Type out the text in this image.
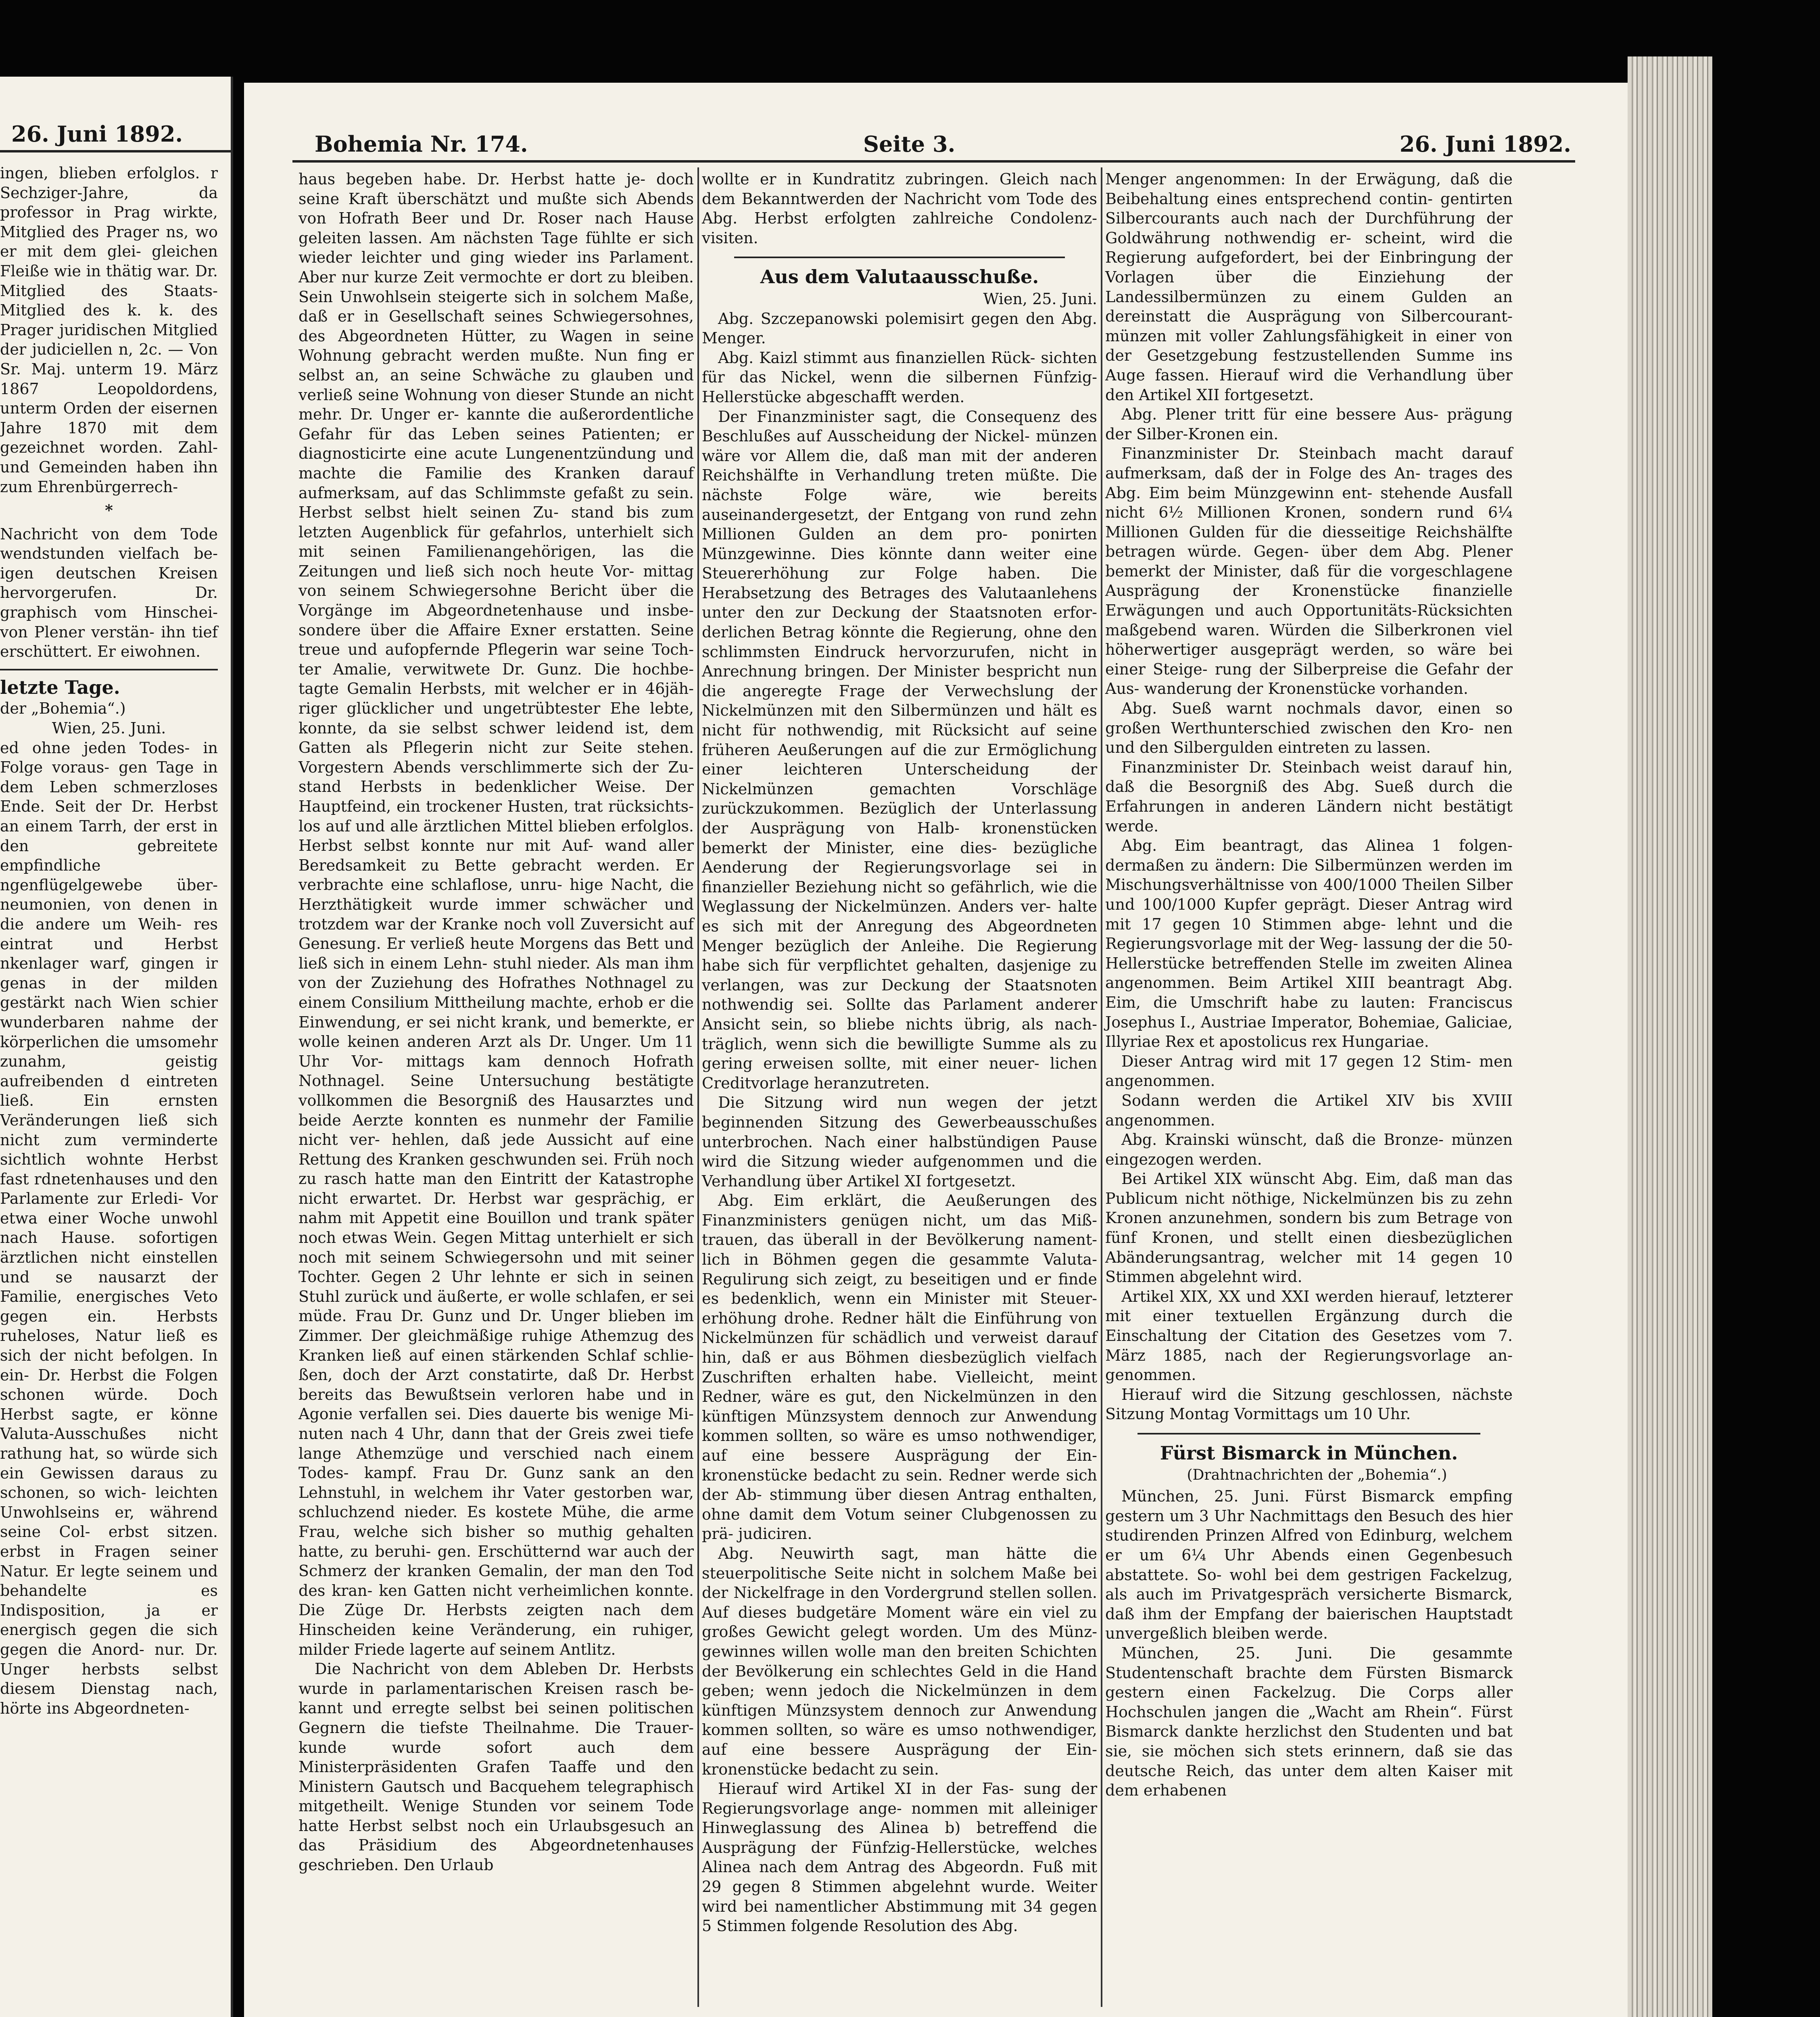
26. Juni 1892.

ingen, blieben erfolglos. r Sechziger-Jahre, da professor in Prag wirkte, Mitglied des Prager ns, wo er mit dem glei- gleichen Fleiße wie in thätig war. Dr. Mitglied des Staats- Mitglied des k. k. des Prager juridischen Mitglied der judiciellen n, 2c. — Von Sr. Maj. unterm 19. März 1867 Leopoldordens, unterm Orden der eisernen Jahre 1870 mit dem gezeichnet worden. Zahl- und Gemeinden haben ihn zum Ehrenbürgerrech-

*

Nachricht von dem Tode wendstunden vielfach be- igen deutschen Kreisen hervorgerufen. Dr. graphisch vom Hinschei- von Plener verstän- ihn tief erschüttert. Er eiwohnen.

letzte Tage.

der „Bohemia“.)

Wien, 25. Juni.

ed ohne jeden Todes- in Folge voraus- gen Tage in dem Leben schmerzloses Ende. Seit der Dr. Herbst an einem Tarrh, der erst in den gebreitete empfindliche ngenflügelgewebe über- neumonien, von denen in die andere um Weih- res eintrat und Herbst nkenlager warf, gingen ir genas in der milden gestärkt nach Wien schier wunderbaren nahme der körperlichen die umsomehr zunahm, geistig aufreibenden d eintreten ließ. Ein ernsten Veränderungen ließ sich nicht zum verminderte sichtlich wohnte Herbst fast rdnetenhauses und den Parlamente zur Erledi- Vor etwa einer Woche unwohl nach Hause. sofortigen ärztlichen nicht einstellen und se nausarzt der Familie, energisches Veto gegen ein. Herbsts ruheloses, Natur ließ es sich der nicht befolgen. In ein- Dr. Herbst die Folgen schonen würde. Doch Herbst sagte, er könne Valuta-Ausschußes nicht rathung hat, so würde sich ein Gewissen daraus zu schonen, so wich- leichten Unwohlseins er, während seine Col- erbst sitzen. erbst in Fragen seiner Natur. Er legte seinem und behandelte es Indisposition, ja er energisch gegen die sich gegen die Anord- nur. Dr. Unger herbsts selbst diesem Dienstag nach, hörte ins Abgeordneten-

Bohemia Nr. 174.	Seite 3.	26. Juni 1892.

haus begeben habe. Dr. Herbst hatte je- doch seine Kraft überschätzt und mußte sich Abends von Hofrath Beer und Dr. Roser nach Hause geleiten lassen. Am nächsten Tage fühlte er sich wieder leichter und ging wieder ins Parlament. Aber nur kurze Zeit vermochte er dort zu bleiben. Sein Unwohlsein steigerte sich in solchem Maße, daß er in Gesellschaft seines Schwiegersohnes, des Abgeordneten Hütter, zu Wagen in seine Wohnung gebracht werden mußte. Nun fing er selbst an, an seine Schwäche zu glauben und verließ seine Wohnung von dieser Stunde an nicht mehr. Dr. Unger er- kannte die außerordentliche Gefahr für das Leben seines Patienten; er diagnosticirte eine acute Lungenentzündung und machte die Familie des Kranken darauf aufmerksam, auf das Schlimmste gefaßt zu sein. Herbst selbst hielt seinen Zu- stand bis zum letzten Augenblick für gefahrlos, unterhielt sich mit seinen Familienangehörigen, las die Zeitungen und ließ sich noch heute Vor- mittag von seinem Schwiegersohne Bericht über die Vorgänge im Abgeordnetenhause und insbe- sondere über die Affaire Exner erstatten. Seine treue und aufopfernde Pflegerin war seine Toch- ter Amalie, verwitwete Dr. Gunz. Die hochbe- tagte Gemalin Herbsts, mit welcher er in 46jäh- riger glücklicher und ungetrübtester Ehe lebte, konnte, da sie selbst schwer leidend ist, dem Gatten als Pflegerin nicht zur Seite stehen. Vorgestern Abends verschlimmerte sich der Zu- stand Herbsts in bedenklicher Weise. Der Hauptfeind, ein trockener Husten, trat rücksichts- los auf und alle ärztlichen Mittel blieben erfolglos. Herbst selbst konnte nur mit Auf- wand aller Beredsamkeit zu Bette gebracht werden. Er verbrachte eine schlaflose, unru- hige Nacht, die Herzthätigkeit wurde immer schwächer und trotzdem war der Kranke noch voll Zuversicht auf Genesung. Er verließ heute Morgens das Bett und ließ sich in einem Lehn- stuhl nieder. Als man ihm von der Zuziehung des Hofrathes Nothnagel zu einem Consilium Mittheilung machte, erhob er die Einwendung, er sei nicht krank, und bemerkte, er wolle keinen anderen Arzt als Dr. Unger. Um 11 Uhr Vor- mittags kam dennoch Hofrath Nothnagel. Seine Untersuchung bestätigte vollkommen die Besorgniß des Hausarztes und beide Aerzte konnten es nunmehr der Familie nicht ver- hehlen, daß jede Aussicht auf eine Rettung des Kranken geschwunden sei. Früh noch zu rasch hatte man den Eintritt der Katastrophe nicht erwartet. Dr. Herbst war gesprächig, er nahm mit Appetit eine Bouillon und trank später noch etwas Wein. Gegen Mittag unterhielt er sich noch mit seinem Schwiegersohn und mit seiner Tochter. Gegen 2 Uhr lehnte er sich in seinen Stuhl zurück und äußerte, er wolle schlafen, er sei müde. Frau Dr. Gunz und Dr. Unger blieben im Zimmer. Der gleichmäßige ruhige Athemzug des Kranken ließ auf einen stärkenden Schlaf schlie- ßen, doch der Arzt constatirte, daß Dr. Herbst bereits das Bewußtsein verloren habe und in Agonie verfallen sei. Dies dauerte bis wenige Mi- nuten nach 4 Uhr, dann that der Greis zwei tiefe lange Athemzüge und verschied nach einem Todes- kampf. Frau Dr. Gunz sank an den Lehnstuhl, in welchem ihr Vater gestorben war, schluchzend nieder. Es kostete Mühe, die arme Frau, welche sich bisher so muthig gehalten hatte, zu beruhi- gen. Erschütternd war auch der Schmerz der kranken Gemalin, der man den Tod des kran- ken Gatten nicht verheimlichen konnte. Die Züge Dr. Herbsts zeigten nach dem Hinscheiden keine Veränderung, ein ruhiger, milder Friede lagerte auf seinem Antlitz.

Die Nachricht von dem Ableben Dr. Herbsts wurde in parlamentarischen Kreisen rasch be- kannt und erregte selbst bei seinen politischen Gegnern die tiefste Theilnahme. Die Trauer- kunde wurde sofort auch dem Ministerpräsidenten Grafen Taaffe und den Ministern Gautsch und Bacquehem telegraphisch mitgetheilt. Wenige Stunden vor seinem Tode hatte Herbst selbst noch ein Urlaubsgesuch an das Präsidium des Abgeordnetenhauses geschrieben. Den Urlaub

wollte er in Kundratitz zubringen. Gleich nach dem Bekanntwerden der Nachricht vom Tode des Abg. Herbst erfolgten zahlreiche Condolenz- visiten.

Aus dem Valutaausschuße.

Wien, 25. Juni.

Abg. Szczepanowski polemisirt gegen den Abg. Menger.

Abg. Kaizl stimmt aus finanziellen Rück- sichten für das Nickel, wenn die silbernen Fünfzig- Hellerstücke abgeschafft werden.

Der Finanzminister sagt, die Consequenz des Beschlußes auf Ausscheidung der Nickel- münzen wäre vor Allem die, daß man mit der anderen Reichshälfte in Verhandlung treten müßte. Die nächste Folge wäre, wie bereits auseinandergesetzt, der Entgang von rund zehn Millionen Gulden an dem pro- ponirten Münzgewinne. Dies könnte dann weiter eine Steuererhöhung zur Folge haben. Die Herabsetzung des Betrages des Valutaanlehens unter den zur Deckung der Staatsnoten erfor- derlichen Betrag könnte die Regierung, ohne den schlimmsten Eindruck hervorzurufen, nicht in Anrechnung bringen. Der Minister bespricht nun die angeregte Frage der Verwechslung der Nickelmünzen mit den Silbermünzen und hält es nicht für nothwendig, mit Rücksicht auf seine früheren Aeußerungen auf die zur Ermöglichung einer leichteren Unterscheidung der Nickelmünzen gemachten Vorschläge zurückzukommen. Bezüglich der Unterlassung der Ausprägung von Halb- kronenstücken bemerkt der Minister, eine dies- bezügliche Aenderung der Regierungsvorlage sei in finanzieller Beziehung nicht so gefährlich, wie die Weglassung der Nickelmünzen. Anders ver- halte es sich mit der Anregung des Abgeordneten Menger bezüglich der Anleihe. Die Regierung habe sich für verpflichtet gehalten, dasjenige zu verlangen, was zur Deckung der Staatsnoten nothwendig sei. Sollte das Parlament anderer Ansicht sein, so bliebe nichts übrig, als nach- träglich, wenn sich die bewilligte Summe als zu gering erweisen sollte, mit einer neuer- lichen Creditvorlage heranzutreten.

Die Sitzung wird nun wegen der jetzt beginnenden Sitzung des Gewerbeausschußes unterbrochen. Nach einer halbstündigen Pause wird die Sitzung wieder aufgenommen und die Verhandlung über Artikel XI fortgesetzt.

Abg. Eim erklärt, die Aeußerungen des Finanzministers genügen nicht, um das Miß- trauen, das überall in der Bevölkerung nament- lich in Böhmen gegen die gesammte Valuta- Regulirung sich zeigt, zu beseitigen und er finde es bedenklich, wenn ein Minister mit Steuer- erhöhung drohe. Redner hält die Einführung von Nickelmünzen für schädlich und verweist darauf hin, daß er aus Böhmen diesbezüglich vielfach Zuschriften erhalten habe. Vielleicht, meint Redner, wäre es gut, den Nickelmünzen in den künftigen Münzsystem dennoch zur Anwendung kommen sollten, so wäre es umso nothwendiger, auf eine bessere Ausprägung der Ein- kronenstücke bedacht zu sein. Redner werde sich der Ab- stimmung über diesen Antrag enthalten, ohne damit dem Votum seiner Clubgenossen zu prä- judiciren.

Abg. Neuwirth sagt, man hätte die steuerpolitische Seite nicht in solchem Maße bei der Nickelfrage in den Vordergrund stellen sollen. Auf dieses budgetäre Moment wäre ein viel zu großes Gewicht gelegt worden. Um des Münz- gewinnes willen wolle man den breiten Schichten der Bevölkerung ein schlechtes Geld in die Hand geben; wenn jedoch die Nickelmünzen in dem künftigen Münzsystem dennoch zur Anwendung kommen sollten, so wäre es umso nothwendiger, auf eine bessere Ausprägung der Ein- kronenstücke bedacht zu sein.

Hierauf wird Artikel XI in der Fas- sung der Regierungsvorlage ange- nommen mit alleiniger Hinweglassung des Alinea b) betreffend die Ausprägung der Fünfzig-Hellerstücke, welches Alinea nach dem Antrag des Abgeordn. Fuß mit 29 gegen 8 Stimmen abgelehnt wurde. Weiter wird bei namentlicher Abstimmung mit 34 gegen 5 Stimmen folgende Resolution des Abg.

Menger angenommen: In der Erwägung, daß die Beibehaltung eines entsprechend contin- gentirten Silbercourants auch nach der Durchführung der Goldwährung nothwendig er- scheint, wird die Regierung aufgefordert, bei der Einbringung der Vorlagen über die Einziehung der Landessilbermünzen zu einem Gulden an dereinstatt die Ausprägung von Silbercourant- münzen mit voller Zahlungsfähigkeit in einer von der Gesetzgebung festzustellenden Summe ins Auge fassen. Hierauf wird die Verhandlung über den Artikel XII fortgesetzt.

Abg. Plener tritt für eine bessere Aus- prägung der Silber-Kronen ein.

Finanzminister Dr. Steinbach macht darauf aufmerksam, daß der in Folge des An- trages des Abg. Eim beim Münzgewinn ent- stehende Ausfall nicht 6½ Millionen Kronen, sondern rund 6¼ Millionen Gulden für die diesseitige Reichshälfte betragen würde. Gegen- über dem Abg. Plener bemerkt der Minister, daß für die vorgeschlagene Ausprägung der Kronenstücke finanzielle Erwägungen und auch Opportunitäts-Rücksichten maßgebend waren. Würden die Silberkronen viel höherwertiger ausgeprägt werden, so wäre bei einer Steige- rung der Silberpreise die Gefahr der Aus- wanderung der Kronenstücke vorhanden.

Abg. Sueß warnt nochmals davor, einen so großen Werthunterschied zwischen den Kro- nen und den Silbergulden eintreten zu lassen.

Finanzminister Dr. Steinbach weist darauf hin, daß die Besorgniß des Abg. Sueß durch die Erfahrungen in anderen Ländern nicht bestätigt werde.

Abg. Eim beantragt, das Alinea 1 folgen- dermaßen zu ändern: Die Silbermünzen werden im Mischungsverhältnisse von 400/1000 Theilen Silber und 100/1000 Kupfer geprägt. Dieser Antrag wird mit 17 gegen 10 Stimmen abge- lehnt und die Regierungsvorlage mit der Weg- lassung der die 50-Hellerstücke betreffenden Stelle im zweiten Alinea angenommen. Beim Artikel XIII beantragt Abg. Eim, die Umschrift habe zu lauten: Franciscus Josephus I., Austriae Imperator, Bohemiae, Galiciae, Illyriae Rex et apostolicus rex Hungariae.

Dieser Antrag wird mit 17 gegen 12 Stim- men angenommen.

Sodann werden die Artikel XIV bis XVIII angenommen.

Abg. Krainski wünscht, daß die Bronze- münzen eingezogen werden.

Bei Artikel XIX wünscht Abg. Eim, daß man das Publicum nicht nöthige, Nickelmünzen bis zu zehn Kronen anzunehmen, sondern bis zum Betrage von fünf Kronen, und stellt einen diesbezüglichen Abänderungsantrag, welcher mit 14 gegen 10 Stimmen abgelehnt wird.

Artikel XIX, XX und XXI werden hierauf, letzterer mit einer textuellen Ergänzung durch die Einschaltung der Citation des Gesetzes vom 7. März 1885, nach der Regierungsvorlage an- genommen.

Hierauf wird die Sitzung geschlossen, nächste Sitzung Montag Vormittags um 10 Uhr.

Fürst Bismarck in München.

(Drahtnachrichten der „Bohemia“.)

München, 25. Juni. Fürst Bismarck empfing gestern um 3 Uhr Nachmittags den Besuch des hier studirenden Prinzen Alfred von Edinburg, welchem er um 6¼ Uhr Abends einen Gegenbesuch abstattete. So- wohl bei dem gestrigen Fackelzug, als auch im Privatgespräch versicherte Bismarck, daß ihm der Empfang der baierischen Hauptstadt unvergeßlich bleiben werde.

München, 25. Juni. Die gesammte Studentenschaft brachte dem Fürsten Bismarck gestern einen Fackelzug. Die Corps aller Hochschulen jangen die „Wacht am Rhein“. Fürst Bismarck dankte herzlichst den Studenten und bat sie, sie möchen sich stets erinnern, daß sie das deutsche Reich, das unter dem alten Kaiser mit dem erhabenen
